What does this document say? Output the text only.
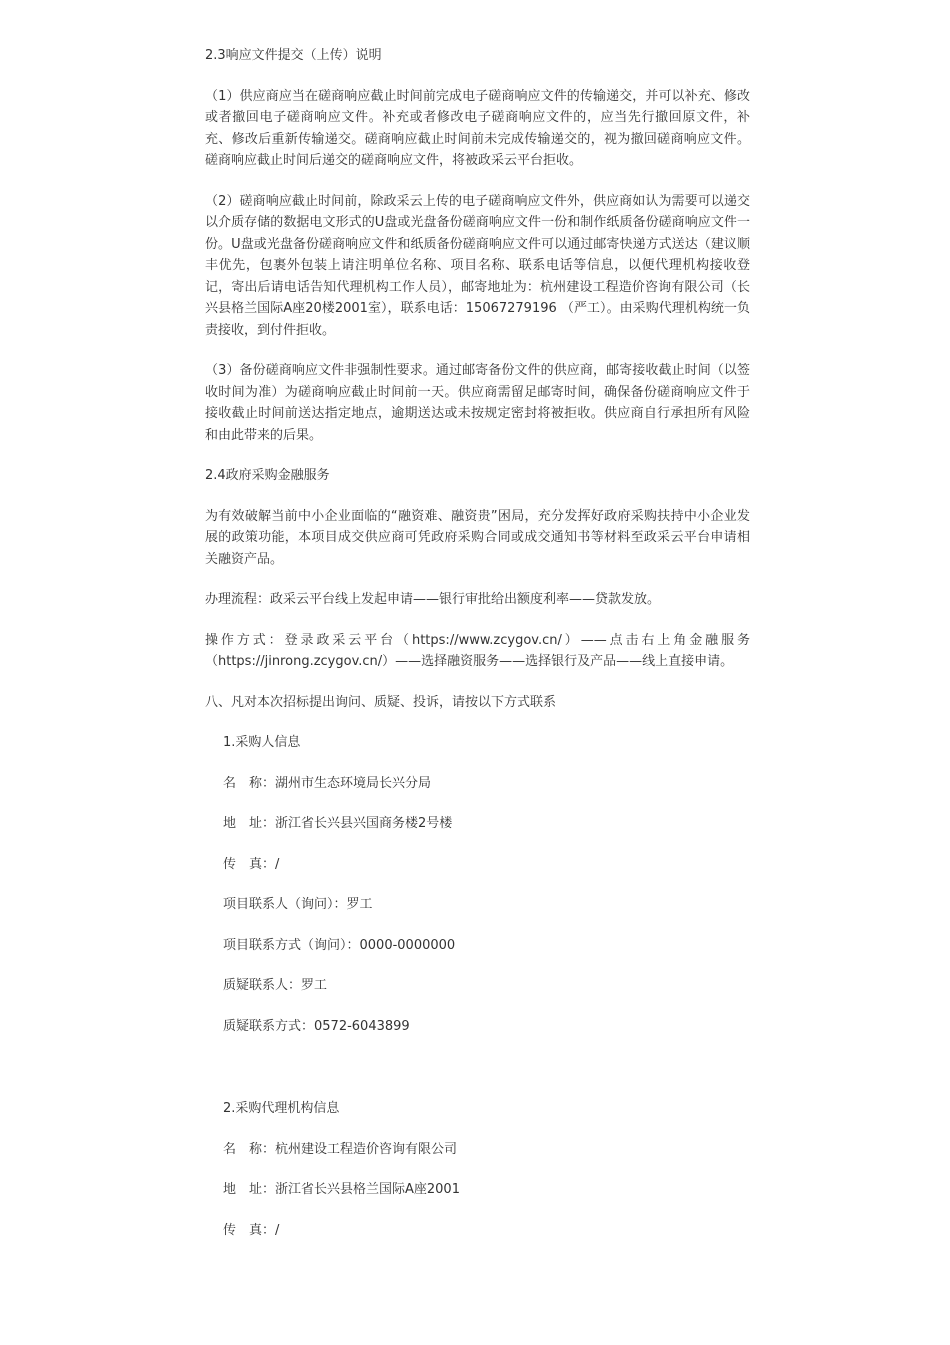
2.3响应文件提交（上传）说明

（1）供应商应当在磋商响应截止时间前完成电子磋商响应文件的传输递交，并可以补充、修改或者撤回电子磋商响应文件。补充或者修改电子磋商响应文件的，应当先行撤回原文件，补充、修改后重新传输递交。磋商响应截止时间前未完成传输递交的，视为撤回磋商响应文件。磋商响应截止时间后递交的磋商响应文件，将被政采云平台拒收。

（2）磋商响应截止时间前，除政采云上传的电子磋商响应文件外，供应商如认为需要可以递交以介质存储的数据电文形式的U盘或光盘备份磋商响应文件一份和制作纸质备份磋商响应文件一份。U盘或光盘备份磋商响应文件和纸质备份磋商响应文件可以通过邮寄快递方式送达（建议顺丰优先，包裹外包装上请注明单位名称、项目名称、联系电话等信息，以便代理机构接收登记，寄出后请电话告知代理机构工作人员），邮寄地址为：杭州建设工程造价咨询有限公司（长兴县格兰国际A座20楼2001室），联系电话：15067279196 （严工）。由采购代理机构统一负责接收，到付件拒收。

（3）备份磋商响应文件非强制性要求。通过邮寄备份文件的供应商，邮寄接收截止时间（以签收时间为准）为磋商响应截止时间前一天。供应商需留足邮寄时间，确保备份磋商响应文件于接收截止时间前送达指定地点，逾期送达或未按规定密封将被拒收。供应商自行承担所有风险和由此带来的后果。

2.4政府采购金融服务

为有效破解当前中小企业面临的“融资难、融资贵”困局，充分发挥好政府采购扶持中小企业发展的政策功能，本项目成交供应商可凭政府采购合同或成交通知书等材料至政采云平台申请相关融资产品。

办理流程：政采云平台线上发起申请——银行审批给出额度利率——贷款发放。

操作方式：登录政采云平台（https://www.zcygov.cn/）——点击右上角金融服务（https://jinrong.zcygov.cn/）——选择融资服务——选择银行及产品——线上直接申请。

八、凡对本次招标提出询问、质疑、投诉，请按以下方式联系

1.采购人信息

名　称：湖州市生态环境局长兴分局

地　址：浙江省长兴县兴国商务楼2号楼

传　真：/

项目联系人（询问）：罗工

项目联系方式（询问）：0000-0000000

质疑联系人：罗工

质疑联系方式：0572-6043899

2.采购代理机构信息

名　称：杭州建设工程造价咨询有限公司

地　址：浙江省长兴县格兰国际A座2001

传　真：/
